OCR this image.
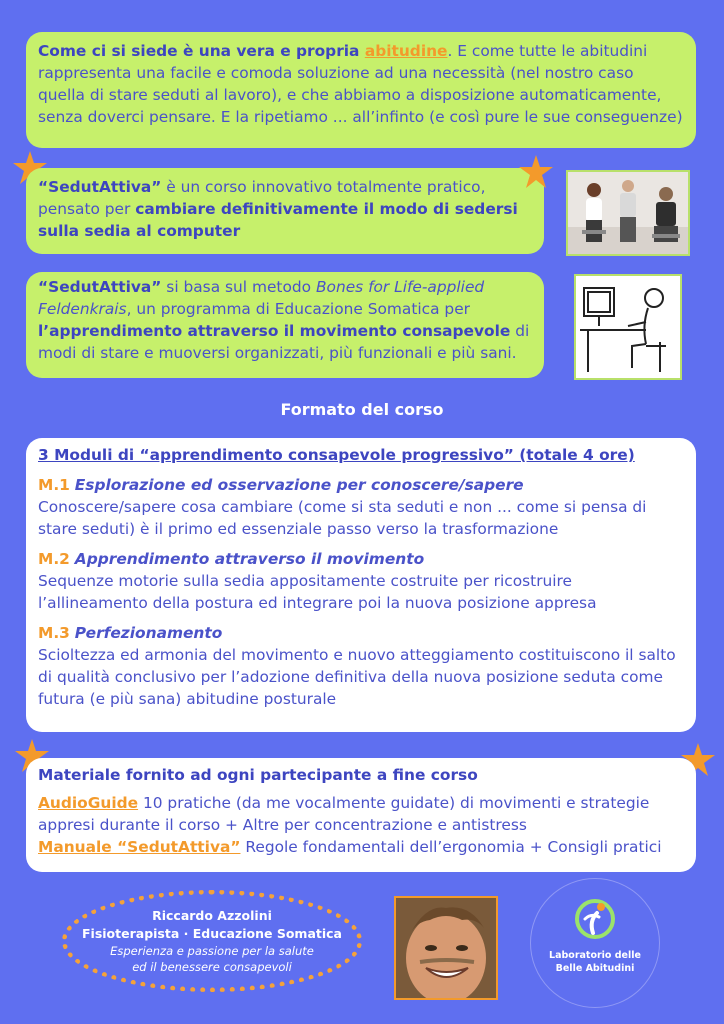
Come ci si siede è una vera e propria abitudine. E come tutte le abitudini rappresenta una facile e comoda soluzione ad una necessità (nel nostro caso quella di stare seduti al lavoro), e che abbiamo a disposizione automaticamente, senza doverci pensare. E la ripetiamo ... all’infinto (e così pure le sue conseguenze)
“SedutAttiva” è un corso innovativo totalmente pratico, pensato per cambiare definitivamente il modo di sedersi sulla sedia al computer
“SedutAttiva” si basa sul metodo Bones for Life-applied Feldenkrais, un programma di Educazione Somatica per l’apprendimento attraverso il movimento consapevole di modi di stare e muoversi organizzati, più funzionali e più sani.
Formato del corso
3 Moduli di “apprendimento consapevole progressivo” (totale 4 ore)
M.1 Esplorazione ed osservazione per conoscere/sapere
Conoscere/sapere cosa cambiare (come si sta seduti e non ... come si pensa di stare seduti) è il primo ed essenziale passo verso la trasformazione
M.2 Apprendimento attraverso il movimento
Sequenze motorie sulla sedia appositamente costruite per ricostruire l’allineamento della postura ed integrare poi la nuova posizione appresa
M.3 Perfezionamento
Scioltezza ed armonia del movimento e nuovo atteggiamento costituiscono il salto di qualità conclusivo per l’adozione definitiva della nuova posizione seduta come futura (e più sana) abitudine posturale
Materiale fornito ad ogni partecipante a fine corso
AudioGuide 10 pratiche (da me vocalmente guidate) di movimenti e strategie appresi durante il corso + Altre per concentrazione e antistress
Manuale “SedutAttiva” Regole fondamentali dell’ergonomia + Consigli pratici
Riccardo Azzolini
Fisioterapista · Educazione Somatica
Esperienza e passione per la salute
ed il benessere consapevoli
Laboratorio delle
Belle Abitudini
